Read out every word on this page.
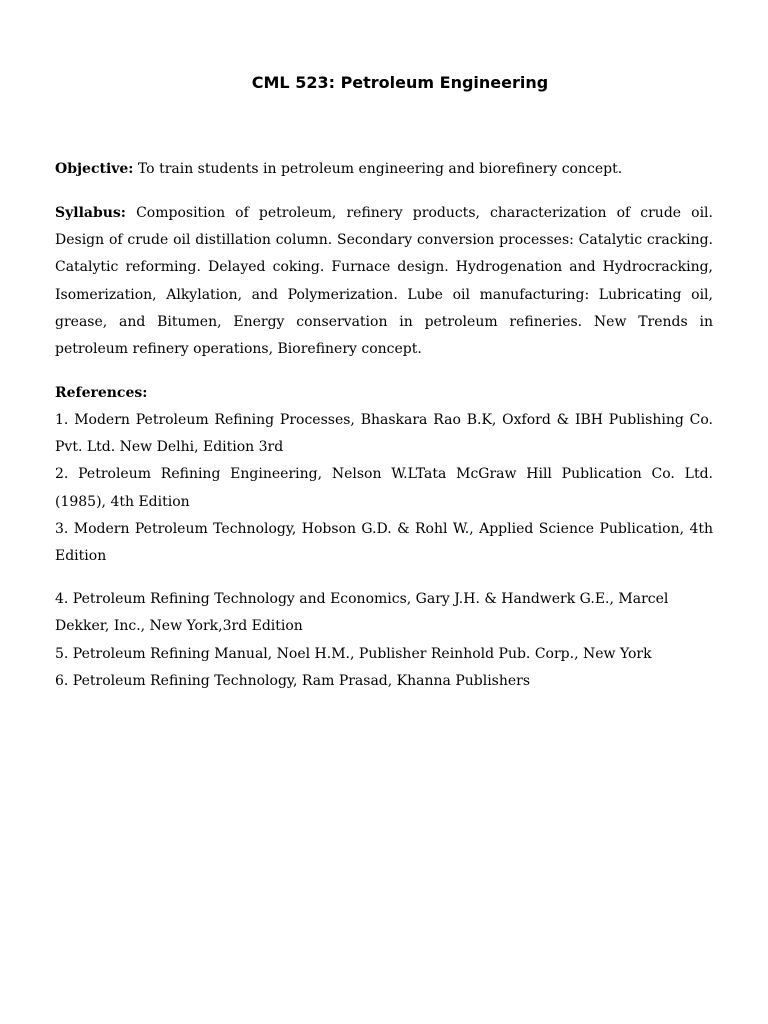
CML 523: Petroleum Engineering

Objective: To train students in petroleum engineering and biorefinery concept.

Syllabus: Composition of petroleum, refinery products, characterization of crude oil. Design of crude oil distillation column. Secondary conversion processes: Catalytic cracking. Catalytic reforming. Delayed coking. Furnace design. Hydrogenation and Hydrocracking, Isomerization, Alkylation, and Polymerization. Lube oil manufacturing: Lubricating oil, grease, and Bitumen, Energy conservation in petroleum refineries. New Trends in petroleum refinery operations, Biorefinery concept.

References:

1. Modern Petroleum Refining Processes, Bhaskara Rao B.K, Oxford & IBH Publishing Co. Pvt. Ltd. New Delhi, Edition 3rd
2. Petroleum Refining Engineering, Nelson W.LTata McGraw Hill Publication Co. Ltd. (1985), 4th Edition
3. Modern Petroleum Technology, Hobson G.D. & Rohl W., Applied Science Publication, 4th Edition
4. Petroleum Refining Technology and Economics, Gary J.H. & Handwerk G.E., Marcel Dekker, Inc., New York,3rd Edition
5. Petroleum Refining Manual, Noel H.M., Publisher Reinhold Pub. Corp., New York
6. Petroleum Refining Technology, Ram Prasad, Khanna Publishers
